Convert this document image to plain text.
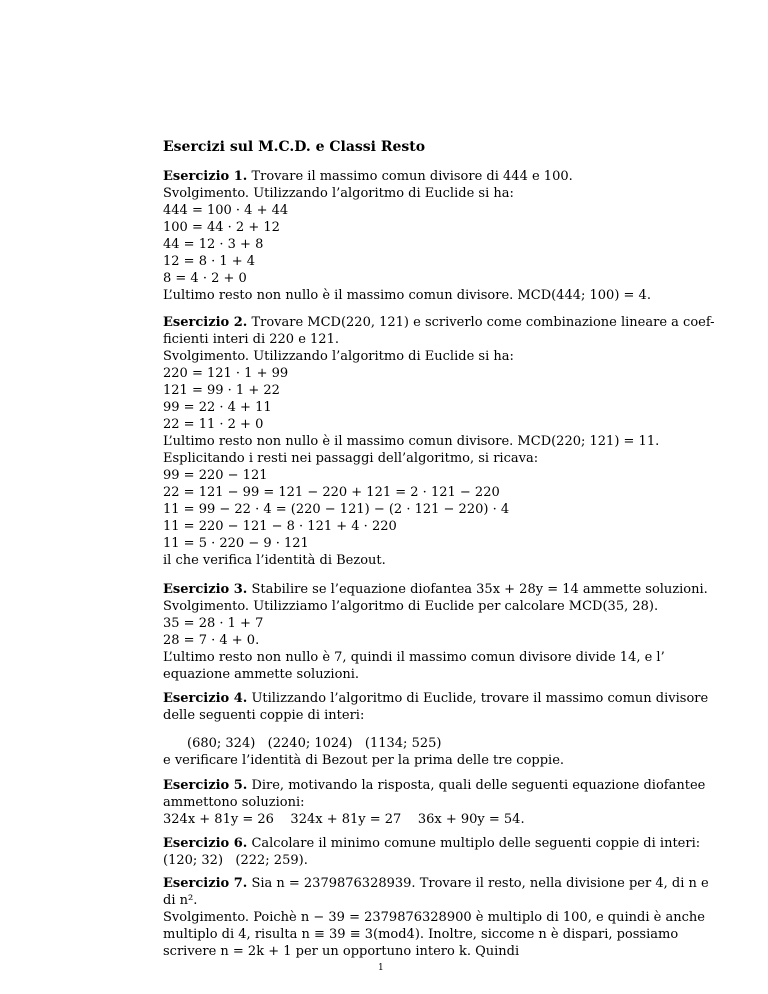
Esercizi sul M.C.D. e Classi Resto
Esercizio 1. Trovare il massimo comun divisore di 444 e 100.
Svolgimento. Utilizzando l’algoritmo di Euclide si ha:
444 = 100 · 4 + 44
100 = 44 · 2 + 12
44 = 12 · 3 + 8
12 = 8 · 1 + 4
8 = 4 · 2 + 0
L’ultimo resto non nullo è il massimo comun divisore. MCD(444; 100) = 4.
Esercizio 2. Trovare MCD(220, 121) e scriverlo come combinazione lineare a coef-
ficienti interi di 220 e 121.
Svolgimento. Utilizzando l’algoritmo di Euclide si ha:
220 = 121 · 1 + 99
121 = 99 · 1 + 22
99 = 22 · 4 + 11
22 = 11 · 2 + 0
L’ultimo resto non nullo è il massimo comun divisore. MCD(220; 121) = 11.
Esplicitando i resti nei passaggi dell’algoritmo, si ricava:
99 = 220 − 121
22 = 121 − 99 = 121 − 220 + 121 = 2 · 121 − 220
11 = 99 − 22 · 4 = (220 − 121) − (2 · 121 − 220) · 4
11 = 220 − 121 − 8 · 121 + 4 · 220
11 = 5 · 220 − 9 · 121
il che verifica l’identità di Bezout.
Esercizio 3. Stabilire se l’equazione diofantea 35x + 28y = 14 ammette soluzioni.
Svolgimento. Utilizziamo l’algoritmo di Euclide per calcolare MCD(35, 28).
35 = 28 · 1 + 7
28 = 7 · 4 + 0.
L’ultimo resto non nullo è 7, quindi il massimo comun divisore divide 14, e l’
equazione ammette soluzioni.
Esercizio 4. Utilizzando l’algoritmo di Euclide, trovare il massimo comun divisore
delle seguenti coppie di interi:
(680; 324)   (2240; 1024)   (1134; 525)
e verificare l’identità di Bezout per la prima delle tre coppie.
Esercizio 5. Dire, motivando la risposta, quali delle seguenti equazione diofantee
ammettono soluzioni:
324x + 81y = 26    324x + 81y = 27    36x + 90y = 54.
Esercizio 6. Calcolare il minimo comune multiplo delle seguenti coppie di interi:
(120; 32)   (222; 259).
Esercizio 7. Sia n = 2379876328939. Trovare il resto, nella divisione per 4, di n e
di n².
Svolgimento. Poichè n − 39 = 2379876328900 è multiplo di 100, e quindi è anche
multiplo di 4, risulta n ≡ 39 ≡ 3(mod4). Inoltre, siccome n è dispari, possiamo
scrivere n = 2k + 1 per un opportuno intero k. Quindi
1
